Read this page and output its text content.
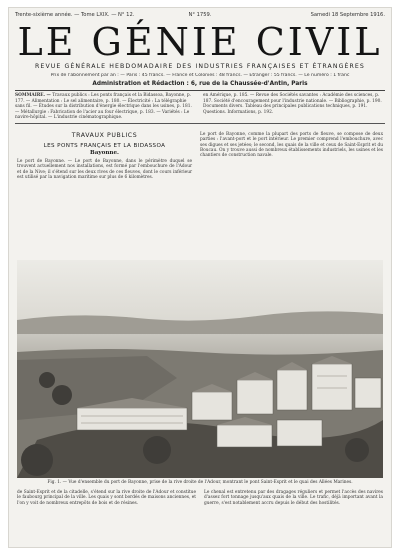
Trente-sixième année. — Tome LXIX. — N° 12.	Samedi 18 Septembre 1916.
N° 1759.
LE GÉNIE CIVIL
REVUE GÉNÉRALE HEBDOMADAIRE DES INDUSTRIES FRANÇAISES ET ÉTRANGÈRES
Prix de l'abonnement par an : — Paris : 45 francs. — France et Colonies : 48 francs. — Étranger : 55 francs. — Le numéro : 1 franc
Administration et Rédaction : 6, rue de la Chaussée-d'Antin, Paris
SOMMAIRE. — Travaux publics : Les ponts français et la Bidassoa, Bayonne, p. 177. — Alimentation : Le sel alimentaire, p. 180. — Électricité : La télégraphie sans fil. — Études sur la distribution d'énergie électrique dans les usines, p. 181. — Métallurgie : Fabrication de l'acier au four électrique, p. 183. — Variétés : Le navire-hôpital. — L'industrie cinématographique.
en Amérique, p. 185. — Revue des Sociétés savantes : Académie des sciences, p. 187. Société d'encouragement pour l'industrie nationale. — Bibliographie, p. 190. Documents divers. Tableau des principales publications techniques, p. 191. Questions. Informations, p. 192.
TRAVAUX PUBLICS
LES PONTS FRANÇAIS ET LA BIDASSOA
Bayonne.

Le port de Bayonne. — Le port de Bayonne, dans le périmètre duquel se trouvent actuellement nos installations, est formé par l'embouchure de l'Adour et de la Nive; il s'étend sur les deux rives de ces fleuves, dont le cours inférieur est utilisé par la navigation maritime sur plus de 6 kilomètres.

Le port de Bayonne, comme la plupart des ports de fleuve, se compose de deux parties : l'avant-port et le port intérieur. Le premier comprend l'embouchure, avec ses digues et ses jetées; le second, les quais de la ville et ceux de Saint-Esprit et du Boucau. On y trouve aussi de nombreux établissements industriels, les usines et les chantiers de construction navale.

Fig. 1. — Vue d'ensemble du port de Bayonne, prise de la rive droite de l'Adour, montrant le pont Saint-Esprit et le quai des Allées Marines.
de Saint-Esprit et de la citadelle, s'étend sur la rive droite de l'Adour et constitue le faubourg principal de la ville. Les quais y sont bordés de maisons anciennes, et l'on y voit de nombreux entrepôts de bois et de résines.
Le chenal est entretenu par des dragages réguliers et permet l'accès des navires d'assez fort tonnage jusqu'aux quais de la ville. Le trafic, déjà important avant la guerre, s'est notablement accru depuis le début des hostilités.
